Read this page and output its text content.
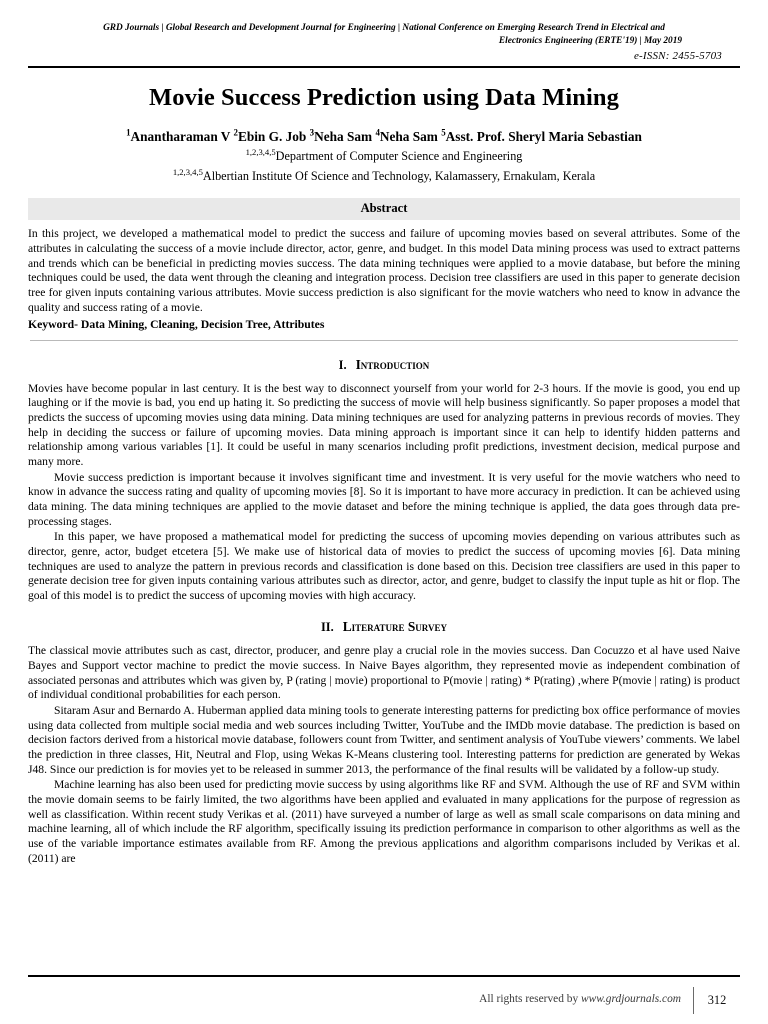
GRD Journals | Global Research and Development Journal for Engineering | National Conference on Emerging Research Trend in Electrical and
Electronics Engineering (ERTE'19) | May 2019
e-ISSN: 2455-5703
Movie Success Prediction using Data Mining
$^1$Anantharaman V $^2$Ebin G. Job $^3$Neha Sam $^4$Neha Sam $^5$Asst. Prof. Sheryl Maria Sebastian
$^{1,2,3,4,5}$Department of Computer Science and Engineering
$^{1,2,3,4,5}$Albertian Institute Of Science and Technology, Kalamassery, Ernakulam, Kerala
Abstract
In this project, we developed a mathematical model to predict the success and failure of upcoming movies based on several attributes. Some of the attributes in calculating the success of a movie include director, actor, genre, and budget. In this model Data mining process was used to extract patterns and trends which can be beneficial in predicting movies success. The data mining techniques were applied to a movie database, but before the mining techniques could be used, the data went through the cleaning and integration process. Decision tree classifiers are used in this paper to generate decision tree for given inputs containing various attributes. Movie success prediction is also significant for the movie watchers who need to know in advance the quality and success rating of a movie.
Keyword- Data Mining, Cleaning, Decision Tree, Attributes
I. Introduction

Movies have become popular in last century. It is the best way to disconnect yourself from your world for 2-3 hours. If the movie is good, you end up laughing or if the movie is bad, you end up hating it. So predicting the success of movie will help business significantly. So paper proposes a model that predicts the success of upcoming movies using data mining. Data mining techniques are used for analyzing patterns in previous records of movies. They help in deciding the success or failure of upcoming movies. Data mining approach is important since it can help to identify hidden patterns and relationship among various variables [1]. It could be useful in many scenarios including profit predictions, investment decision, medical purpose and many more.

Movie success prediction is important because it involves significant time and investment. It is very useful for the movie watchers who need to know in advance the success rating and quality of upcoming movies [8]. So it is important to have more accuracy in prediction. It can be achieved using data mining. The data mining techniques are applied to the movie dataset and before the mining technique is applied, the data goes through data pre-processing stages.

In this paper, we have proposed a mathematical model for predicting the success of upcoming movies depending on various attributes such as director, genre, actor, budget etcetera [5]. We make use of historical data of movies to predict the success of upcoming movies [6]. Data mining techniques are used to analyze the pattern in previous records and classification is done based on this. Decision tree classifiers are used in this paper to generate decision tree for given inputs containing various attributes such as director, actor, and genre, budget to classify the input tuple as hit or flop. The goal of this model is to predict the success of upcoming movies with high accuracy.

II. Literature Survey

The classical movie attributes such as cast, director, producer, and genre play a crucial role in the movies success. Dan Cocuzzo et al have used Naive Bayes and Support vector machine to predict the movie success. In Naive Bayes algorithm, they represented movie as independent combination of associated personas and attributes which was given by, P (rating | movie) proportional to P(movie | rating) * P(rating) ,where P(movie | rating) is product of individual conditional probabilities for each person.

Sitaram Asur and Bernardo A. Huberman applied data mining tools to generate interesting patterns for predicting box office performance of movies using data collected from multiple social media and web sources including Twitter, YouTube and the IMDb movie database. The prediction is based on decision factors derived from a historical movie database, followers count from Twitter, and sentiment analysis of YouTube viewers’ comments. We label the prediction in three classes, Hit, Neutral and Flop, using Wekas K-Means clustering tool. Interesting patterns for prediction are generated by Wekas J48. Since our prediction is for movies yet to be released in summer 2013, the performance of the final results will be validated by a follow-up study.

Machine learning has also been used for predicting movie success by using algorithms like RF and SVM. Although the use of RF and SVM within the movie domain seems to be fairly limited, the two algorithms have been applied and evaluated in many applications for the purpose of regression as well as classification. Within recent study Verikas et al. (2011) have surveyed a number of large as well as small scale comparisons on data mining and machine learning, all of which include the RF algorithm, specifically issuing its prediction performance in comparison to other algorithms as well as the use of the variable importance estimates available from RF. Among the previous applications and algorithm comparisons included by Verikas et al. (2011) are

All rights reserved by www.grdjournals.com	312
